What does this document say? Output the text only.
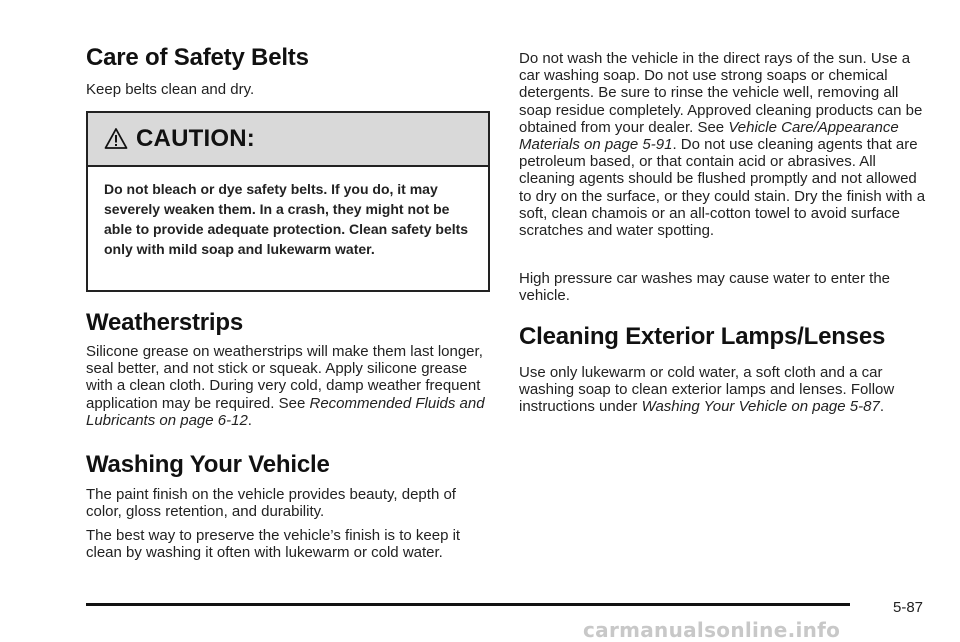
Care of Safety Belts

Keep belts clean and dry.

CAUTION:
Do not bleach or dye safety belts. If you do, it may severely weaken them. In a crash, they might not be able to provide adequate protection. Clean safety belts only with mild soap and lukewarm water.
Weatherstrips

Silicone grease on weatherstrips will make them last longer, seal better, and not stick or squeak. Apply silicone grease with a clean cloth. During very cold, damp weather frequent application may be required. See Recommended Fluids and Lubricants on page 6-12.

Washing Your Vehicle

The paint finish on the vehicle provides beauty, depth of color, gloss retention, and durability.

The best way to preserve the vehicle’s finish is to keep it clean by washing it often with lukewarm or cold water.

Do not wash the vehicle in the direct rays of the sun. Use a car washing soap. Do not use strong soaps or chemical detergents. Be sure to rinse the vehicle well, removing all soap residue completely. Approved cleaning products can be obtained from your dealer. See Vehicle Care/Appearance Materials on page 5-91. Do not use cleaning agents that are petroleum based, or that contain acid or abrasives. All cleaning agents should be flushed promptly and not allowed to dry on the surface, or they could stain. Dry the finish with a soft, clean chamois or an all-cotton towel to avoid surface scratches and water spotting.

High pressure car washes may cause water to enter the vehicle.

Cleaning Exterior Lamps/Lenses

Use only lukewarm or cold water, a soft cloth and a car washing soap to clean exterior lamps and lenses. Follow instructions under Washing Your Vehicle on page 5-87.

5-87
carmanualsonline.info
